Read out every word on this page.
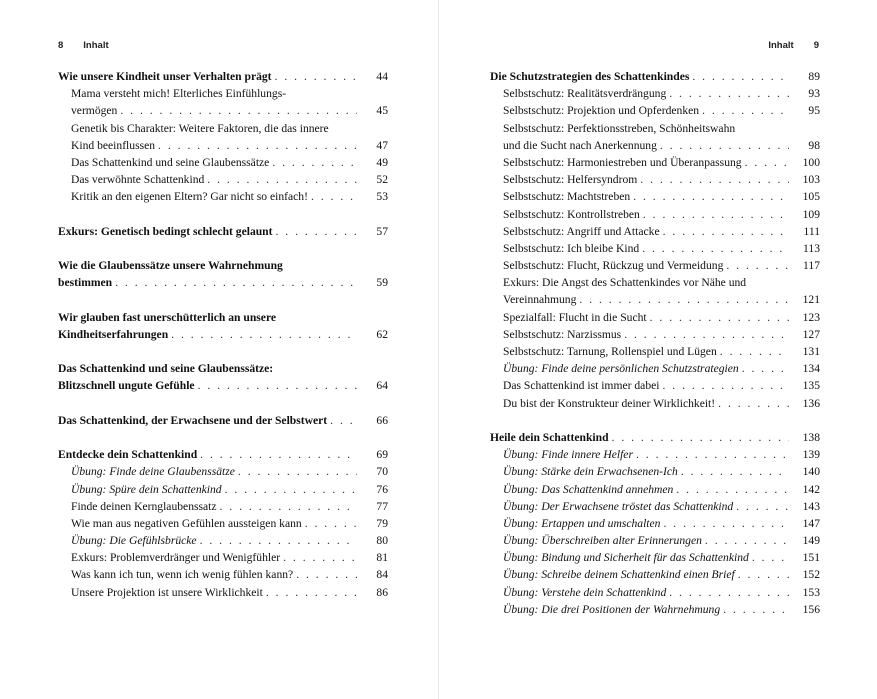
8 Inhalt
Wie unsere Kindheit unser Verhalten prägt . . .	44
Mama versteht mich! Elterliches Einfühlungs-
vermögen . . .	45
Genetik bis Charakter: Weitere Faktoren, die das innere
Kind beeinflussen . . .	47
Das Schattenkind und seine Glaubenssätze . . .	49
Das verwöhnte Schattenkind . . .	52
Kritik an den eigenen Eltern? Gar nicht so einfach! . . .	53
Exkurs: Genetisch bedingt schlecht gelaunt . . .	57
Wie die Glaubenssätze unsere Wahrnehmung
bestimmen . . .	59
Wir glauben fast unerschütterlich an unsere
Kindheitserfahrungen . . .	62
Das Schattenkind und seine Glaubenssätze:
Blitzschnell ungute Gefühle . . .	64
Das Schattenkind, der Erwachsene und der Selbstwert . . .	66
Entdecke dein Schattenkind . . .	69
Übung: Finde deine Glaubenssätze . . .	70
Übung: Spüre dein Schattenkind . . .	76
Finde deinen Kernglaubenssatz . . .	77
Wie man aus negativen Gefühlen aussteigen kann . . .	79
Übung: Die Gefühlsbrücke . . .	80
Exkurs: Problemverdränger und Wenigfühler . . .	81
Was kann ich tun, wenn ich wenig fühlen kann? . . .	84
Unsere Projektion ist unsere Wirklichkeit . . .	86
Inhalt 9
Die Schutzstrategien des Schattenkindes . . .	89
Selbstschutz: Realitätsverdrängung . . .	93
Selbstschutz: Projektion und Opferdenken . . .	95
Selbstschutz: Perfektionsstreben, Schönheitswahn
und die Sucht nach Anerkennung . . .	98
Selbstschutz: Harmoniestreben und Überanpassung . . .	100
Selbstschutz: Helfersyndrom . . .	103
Selbstschutz: Machtstreben . . .	105
Selbstschutz: Kontrollstreben . . .	109
Selbstschutz: Angriff und Attacke . . .	111
Selbstschutz: Ich bleibe Kind . . .	113
Selbstschutz: Flucht, Rückzug und Vermeidung . . .	117
Exkurs: Die Angst des Schattenkindes vor Nähe und
Vereinnahmung . . .	121
Spezialfall: Flucht in die Sucht . . .	123
Selbstschutz: Narzissmus . . .	127
Selbstschutz: Tarnung, Rollenspiel und Lügen . . .	131
Übung: Finde deine persönlichen Schutzstrategien . . .	134
Das Schattenkind ist immer dabei . . .	135
Du bist der Konstrukteur deiner Wirklichkeit! . . .	136
Heile dein Schattenkind . . .	138
Übung: Finde innere Helfer . . .	139
Übung: Stärke dein Erwachsenen-Ich . . .	140
Übung: Das Schattenkind annehmen . . .	142
Übung: Der Erwachsene tröstet das Schattenkind . . .	143
Übung: Ertappen und umschalten . . .	147
Übung: Überschreiben alter Erinnerungen . . .	149
Übung: Bindung und Sicherheit für das Schattenkind . . .	151
Übung: Schreibe deinem Schattenkind einen Brief . . .	152
Übung: Verstehe dein Schattenkind . . .	153
Übung: Die drei Positionen der Wahrnehmung . . .	156
